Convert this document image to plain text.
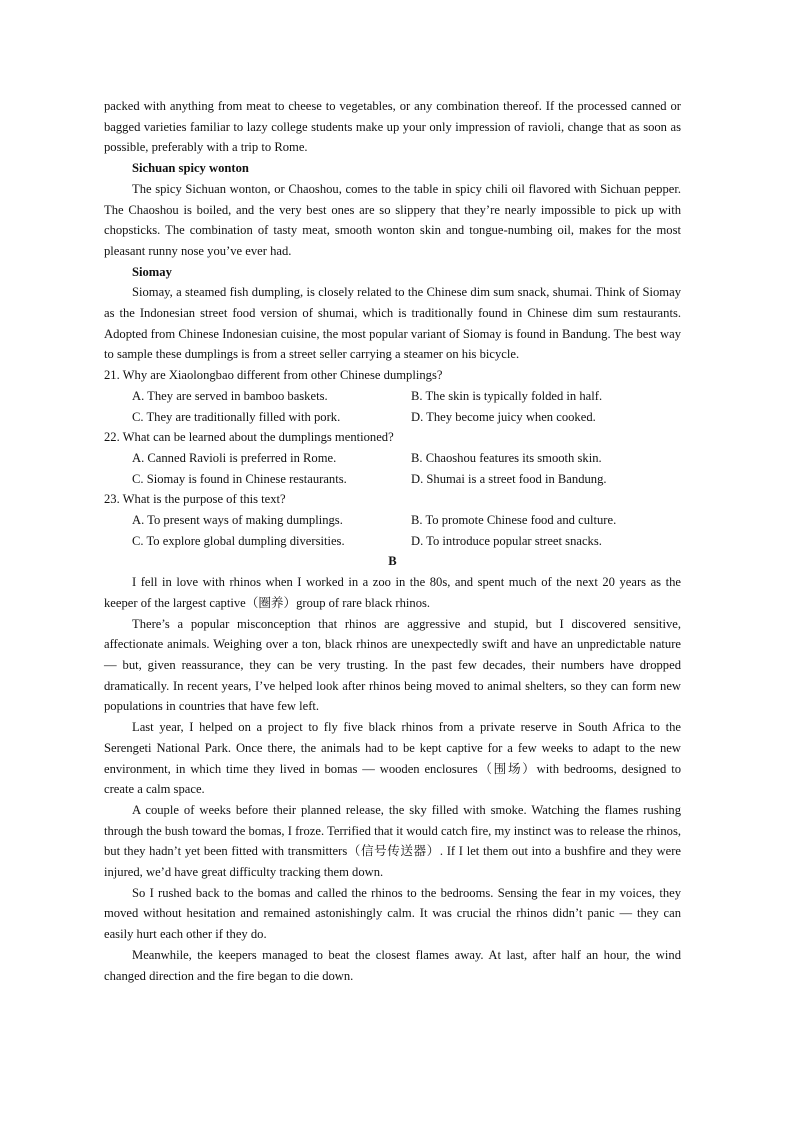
packed with anything from meat to cheese to vegetables, or any combination thereof. If the processed canned or bagged varieties familiar to lazy college students make up your only impression of ravioli, change that as soon as possible, preferably with a trip to Rome.

Sichuan spicy wonton

The spicy Sichuan wonton, or Chaoshou, comes to the table in spicy chili oil flavored with Sichuan pepper. The Chaoshou is boiled, and the very best ones are so slippery that they’re nearly impossible to pick up with chopsticks. The combination of tasty meat, smooth wonton skin and tongue-numbing oil, makes for the most pleasant runny nose you’ve ever had.

Siomay

Siomay, a steamed fish dumpling, is closely related to the Chinese dim sum snack, shumai. Think of Siomay as the Indonesian street food version of shumai, which is traditionally found in Chinese dim sum restaurants. Adopted from Chinese Indonesian cuisine, the most popular variant of Siomay is found in Bandung. The best way to sample these dumplings is from a street seller carrying a steamer on his bicycle.

21. Why are Xiaolongbao different from other Chinese dumplings?

A. They are served in bamboo baskets.	B. The skin is typically folded in half.
C. They are traditionally filled with pork.	D. They become juicy when cooked.

22. What can be learned about the dumplings mentioned?

A. Canned Ravioli is preferred in Rome.	B. Chaoshou features its smooth skin.
C. Siomay is found in Chinese restaurants.	D. Shumai is a street food in Bandung.

23. What is the purpose of this text?

A. To present ways of making dumplings.	B. To promote Chinese food and culture.
C. To explore global dumpling diversities.	D. To introduce popular street snacks.

B

I fell in love with rhinos when I worked in a zoo in the 80s, and spent much of the next 20 years as the keeper of the largest captive（圈养）group of rare black rhinos.

There’s a popular misconception that rhinos are aggressive and stupid, but I discovered sensitive, affectionate animals. Weighing over a ton, black rhinos are unexpectedly swift and have an unpredictable nature — but, given reassurance, they can be very trusting. In the past few decades, their numbers have dropped dramatically. In recent years, I’ve helped look after rhinos being moved to animal shelters, so they can form new populations in countries that have few left.

Last year, I helped on a project to fly five black rhinos from a private reserve in South Africa to the Serengeti National Park. Once there, the animals had to be kept captive for a few weeks to adapt to the new environment, in which time they lived in bomas — wooden enclosures（围场）with bedrooms, designed to create a calm space.

A couple of weeks before their planned release, the sky filled with smoke. Watching the flames rushing through the bush toward the bomas, I froze. Terrified that it would catch fire, my instinct was to release the rhinos, but they hadn’t yet been fitted with transmitters（信号传送器）. If I let them out into a bushfire and they were injured, we’d have great difficulty tracking them down.

So I rushed back to the bomas and called the rhinos to the bedrooms. Sensing the fear in my voices, they moved without hesitation and remained astonishingly calm. It was crucial the rhinos didn’t panic — they can easily hurt each other if they do.

Meanwhile, the keepers managed to beat the closest flames away. At last, after half an hour, the wind changed direction and the fire began to die down.
